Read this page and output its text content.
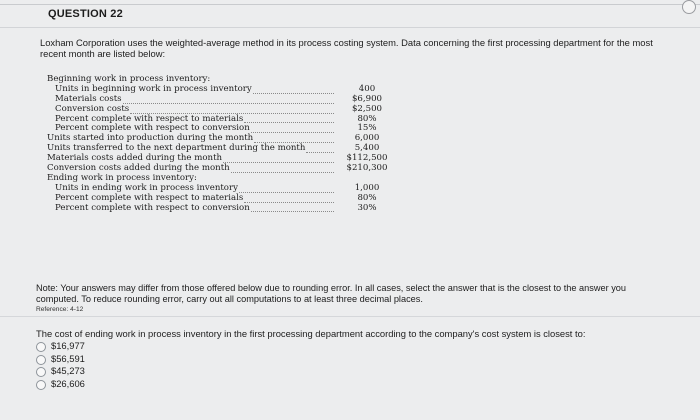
QUESTION 22
Loxham Corporation uses the weighted-average method in its process costing system. Data concerning the first processing department for the most recent month are listed below:
Beginning work in process inventory:
Units in beginning work in process inventory	400
Materials costs	$6,900
Conversion costs	$2,500
Percent complete with respect to materials	80%
Percent complete with respect to conversion	15%
Units started into production during the month	6,000
Units transferred to the next department during the month	5,400
Materials costs added during the month	$112,500
Conversion costs added during the month	$210,300
Ending work in process inventory:
Units in ending work in process inventory	1,000
Percent complete with respect to materials	80%
Percent complete with respect to conversion	30%
Note: Your answers may differ from those offered below due to rounding error. In all cases, select the answer that is the closest to the answer you computed. To reduce rounding error, carry out all computations to at least three decimal places.
Reference: 4-12
The cost of ending work in process inventory in the first processing department according to the company's cost system is closest to:
$16,977
$56,591
$45,273
$26,606
